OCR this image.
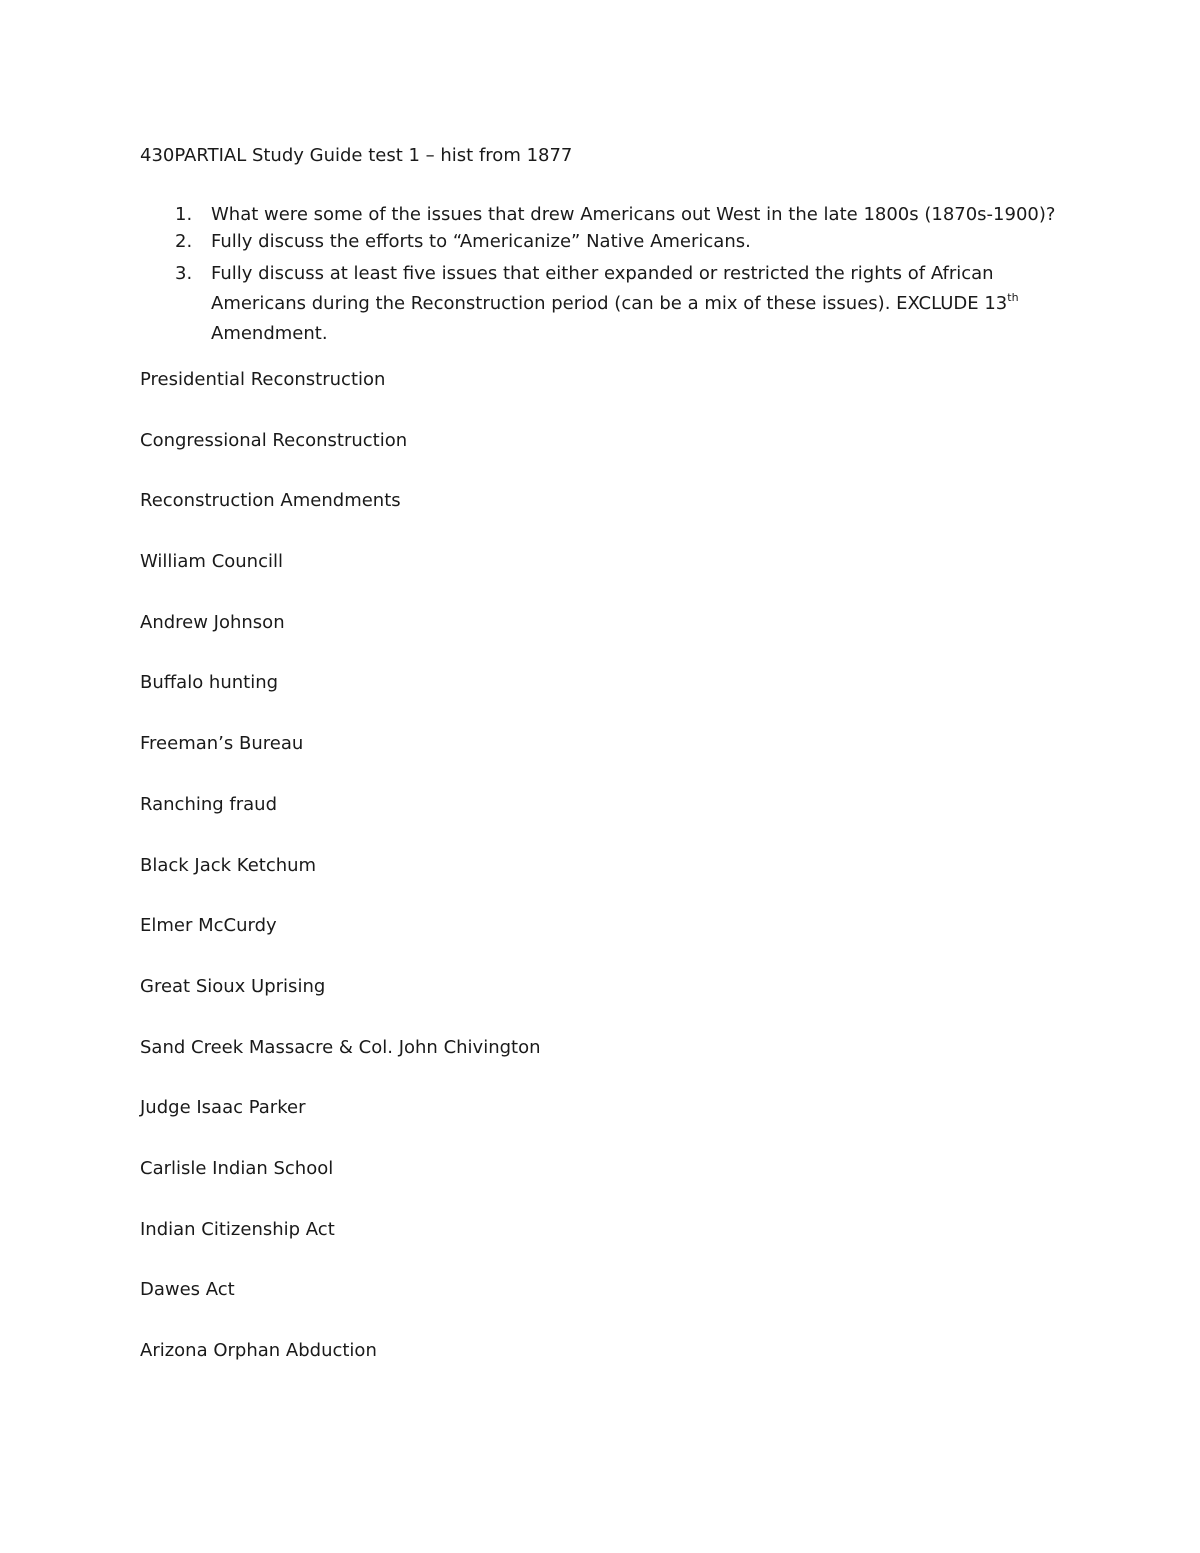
430PARTIAL Study Guide test 1 – hist from 1877
1. What were some of the issues that drew Americans out West in the late 1800s (1870s-1900)?
2. Fully discuss the efforts to “Americanize” Native Americans.
3. Fully discuss at least five issues that either expanded or restricted the rights of African
Americans during the Reconstruction period (can be a mix of these issues). EXCLUDE 13th
Amendment.
Presidential Reconstruction
Congressional Reconstruction
Reconstruction Amendments
William Councill
Andrew Johnson
Buffalo hunting
Freeman’s Bureau
Ranching fraud
Black Jack Ketchum
Elmer McCurdy
Great Sioux Uprising
Sand Creek Massacre & Col. John Chivington
Judge Isaac Parker
Carlisle Indian School
Indian Citizenship Act
Dawes Act
Arizona Orphan Abduction
